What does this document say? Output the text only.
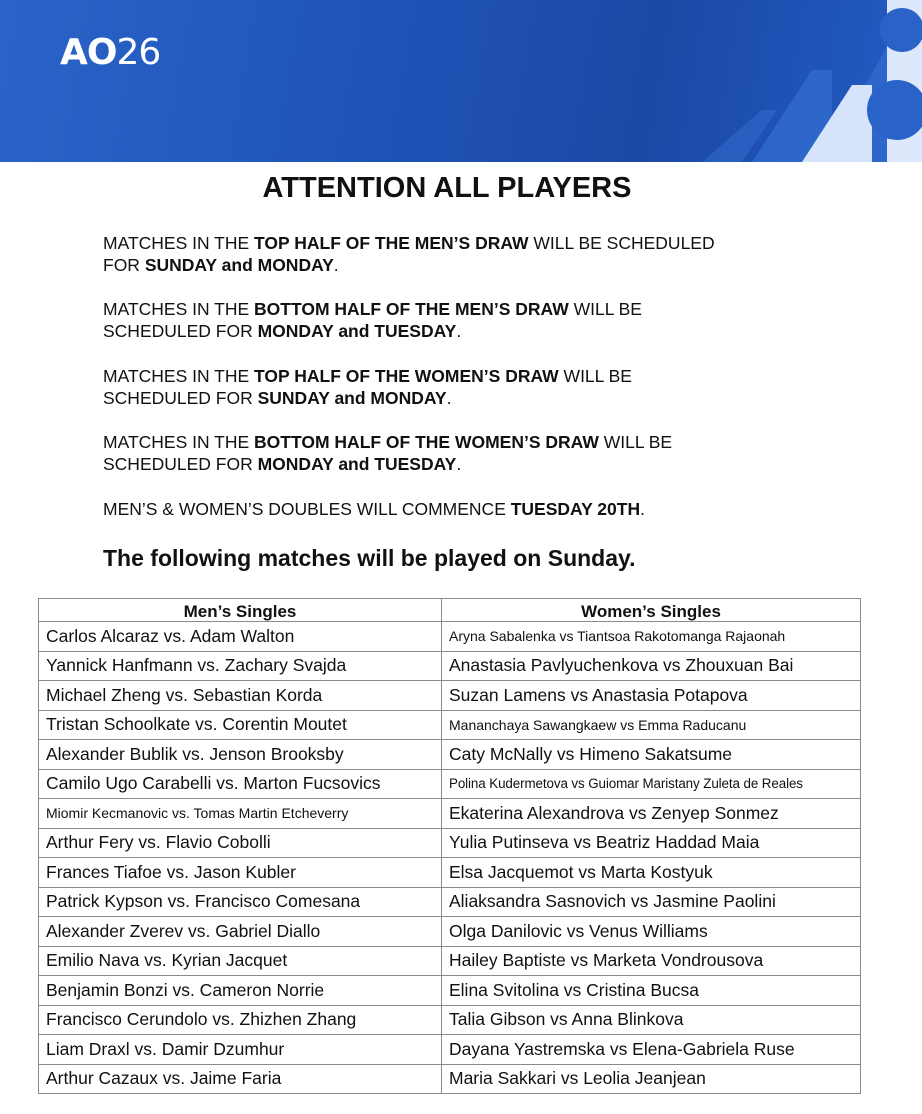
AO26
ATTENTION ALL PLAYERS

MATCHES IN THE TOP HALF OF THE MEN’S DRAW WILL BE SCHEDULED
FOR SUNDAY and MONDAY.

MATCHES IN THE BOTTOM HALF OF THE MEN’S DRAW WILL BE
SCHEDULED FOR MONDAY and TUESDAY.

MATCHES IN THE TOP HALF OF THE WOMEN’S DRAW WILL BE
SCHEDULED FOR SUNDAY and MONDAY.

MATCHES IN THE BOTTOM HALF OF THE WOMEN’S DRAW WILL BE
SCHEDULED FOR MONDAY and TUESDAY.

MEN’S & WOMEN’S DOUBLES WILL COMMENCE TUESDAY 20TH.

The following matches will be played on Sunday.
Men’s Singles	Women’s Singles
Carlos Alcaraz vs. Adam Walton	Aryna Sabalenka vs Tiantsoa Rakotomanga Rajaonah
Yannick Hanfmann vs. Zachary Svajda	Anastasia Pavlyuchenkova vs Zhouxuan Bai
Michael Zheng vs. Sebastian Korda	Suzan Lamens vs Anastasia Potapova
Tristan Schoolkate vs. Corentin Moutet	Mananchaya Sawangkaew vs Emma Raducanu
Alexander Bublik vs. Jenson Brooksby	Caty McNally vs Himeno Sakatsume
Camilo Ugo Carabelli vs. Marton Fucsovics	Polina Kudermetova vs Guiomar Maristany Zuleta de Reales
Miomir Kecmanovic vs. Tomas Martin Etcheverry	Ekaterina Alexandrova vs Zenyep Sonmez
Arthur Fery vs. Flavio Cobolli	Yulia Putinseva vs Beatriz Haddad Maia
Frances Tiafoe vs. Jason Kubler	Elsa Jacquemot vs Marta Kostyuk
Patrick Kypson vs. Francisco Comesana	Aliaksandra Sasnovich vs Jasmine Paolini
Alexander Zverev vs. Gabriel Diallo	Olga Danilovic vs Venus Williams
Emilio Nava vs. Kyrian Jacquet	Hailey Baptiste vs Marketa Vondrousova
Benjamin Bonzi vs. Cameron Norrie	Elina Svitolina vs Cristina Bucsa
Francisco Cerundolo vs. Zhizhen Zhang	Talia Gibson vs Anna Blinkova
Liam Draxl vs. Damir Dzumhur	Dayana Yastremska vs Elena-Gabriela Ruse
Arthur Cazaux vs. Jaime Faria	Maria Sakkari vs Leolia Jeanjean
